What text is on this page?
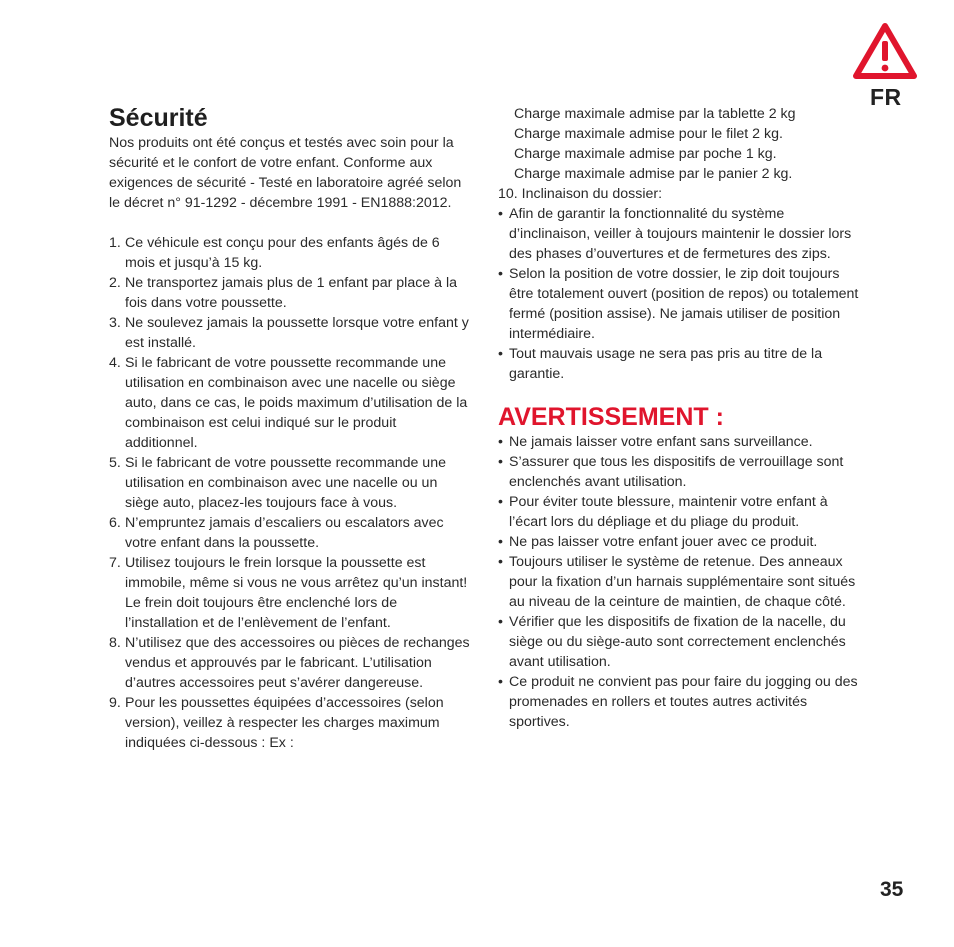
FR
Sécurité

Nos produits ont été conçus et testés avec soin pour la sécurité et le confort de votre enfant. Conforme aux exigences de sécurité - Testé en laboratoire agréé selon le décret n° 91-1292 - décembre 1991 - EN1888:2012.

1. Ce véhicule est conçu pour des enfants âgés de 6 mois et jusqu’à 15 kg.
2. Ne transportez jamais plus de 1 enfant par place à la fois dans votre poussette.
3. Ne soulevez jamais la poussette lorsque votre enfant y est installé.
4. Si le fabricant de votre poussette recommande une utilisation en combinaison avec une nacelle ou siège auto, dans ce cas, le poids maximum d’utilisation de la combinaison est celui indiqué sur le produit additionnel.
5. Si le fabricant de votre poussette recommande une utilisation en combinaison avec une nacelle ou un siège auto, placez-les toujours face à vous.
6. N’empruntez jamais d’escaliers ou escalators avec votre enfant dans la poussette.
7. Utilisez toujours le frein lorsque la poussette est immobile, même si vous ne vous arrêtez qu’un instant! Le frein doit toujours être enclenché lors de l’installation et de l’enlèvement de l’enfant.
8. N’utilisez que des accessoires ou pièces de rechanges vendus et approuvés par le fabricant. L’utilisation d’autres accessoires peut s’avérer dangereuse.
9. Pour les poussettes équipées d’accessoires (selon version), veillez à respecter les charges maximum indiquées ci-dessous : Ex :

Charge maximale admise par la tablette 2 kg

Charge maximale admise pour le filet 2 kg.

Charge maximale admise par poche 1 kg.

Charge maximale admise par le panier 2 kg.

10. Inclinaison du dossier:

• Afin de garantir la fonctionnalité du système d’inclinaison, veiller à toujours maintenir le dossier lors des phases d’ouvertures et de fermetures des zips.
• Selon la position de votre dossier, le zip doit toujours être totalement ouvert (position de repos) ou totalement fermé (position assise). Ne jamais utiliser de position intermédiaire.
• Tout mauvais usage ne sera pas pris au titre de la garantie.
AVERTISSEMENT :
• Ne jamais laisser votre enfant sans surveillance.
• S’assurer que tous les dispositifs de verrouillage sont enclenchés avant utilisation.
• Pour éviter toute blessure, maintenir votre enfant à l’écart lors du dépliage et du pliage du produit.
• Ne pas laisser votre enfant jouer avec ce produit.
• Toujours utiliser le système de retenue. Des anneaux pour la fixation d’un harnais supplémentaire sont situés au niveau de la ceinture de maintien, de chaque côté.
• Vérifier que les dispositifs de fixation de la nacelle, du siège ou du siège-auto sont correctement enclenchés avant utilisation.
• Ce produit ne convient pas pour faire du jogging ou des promenades en rollers et toutes autres activités sportives.
35
